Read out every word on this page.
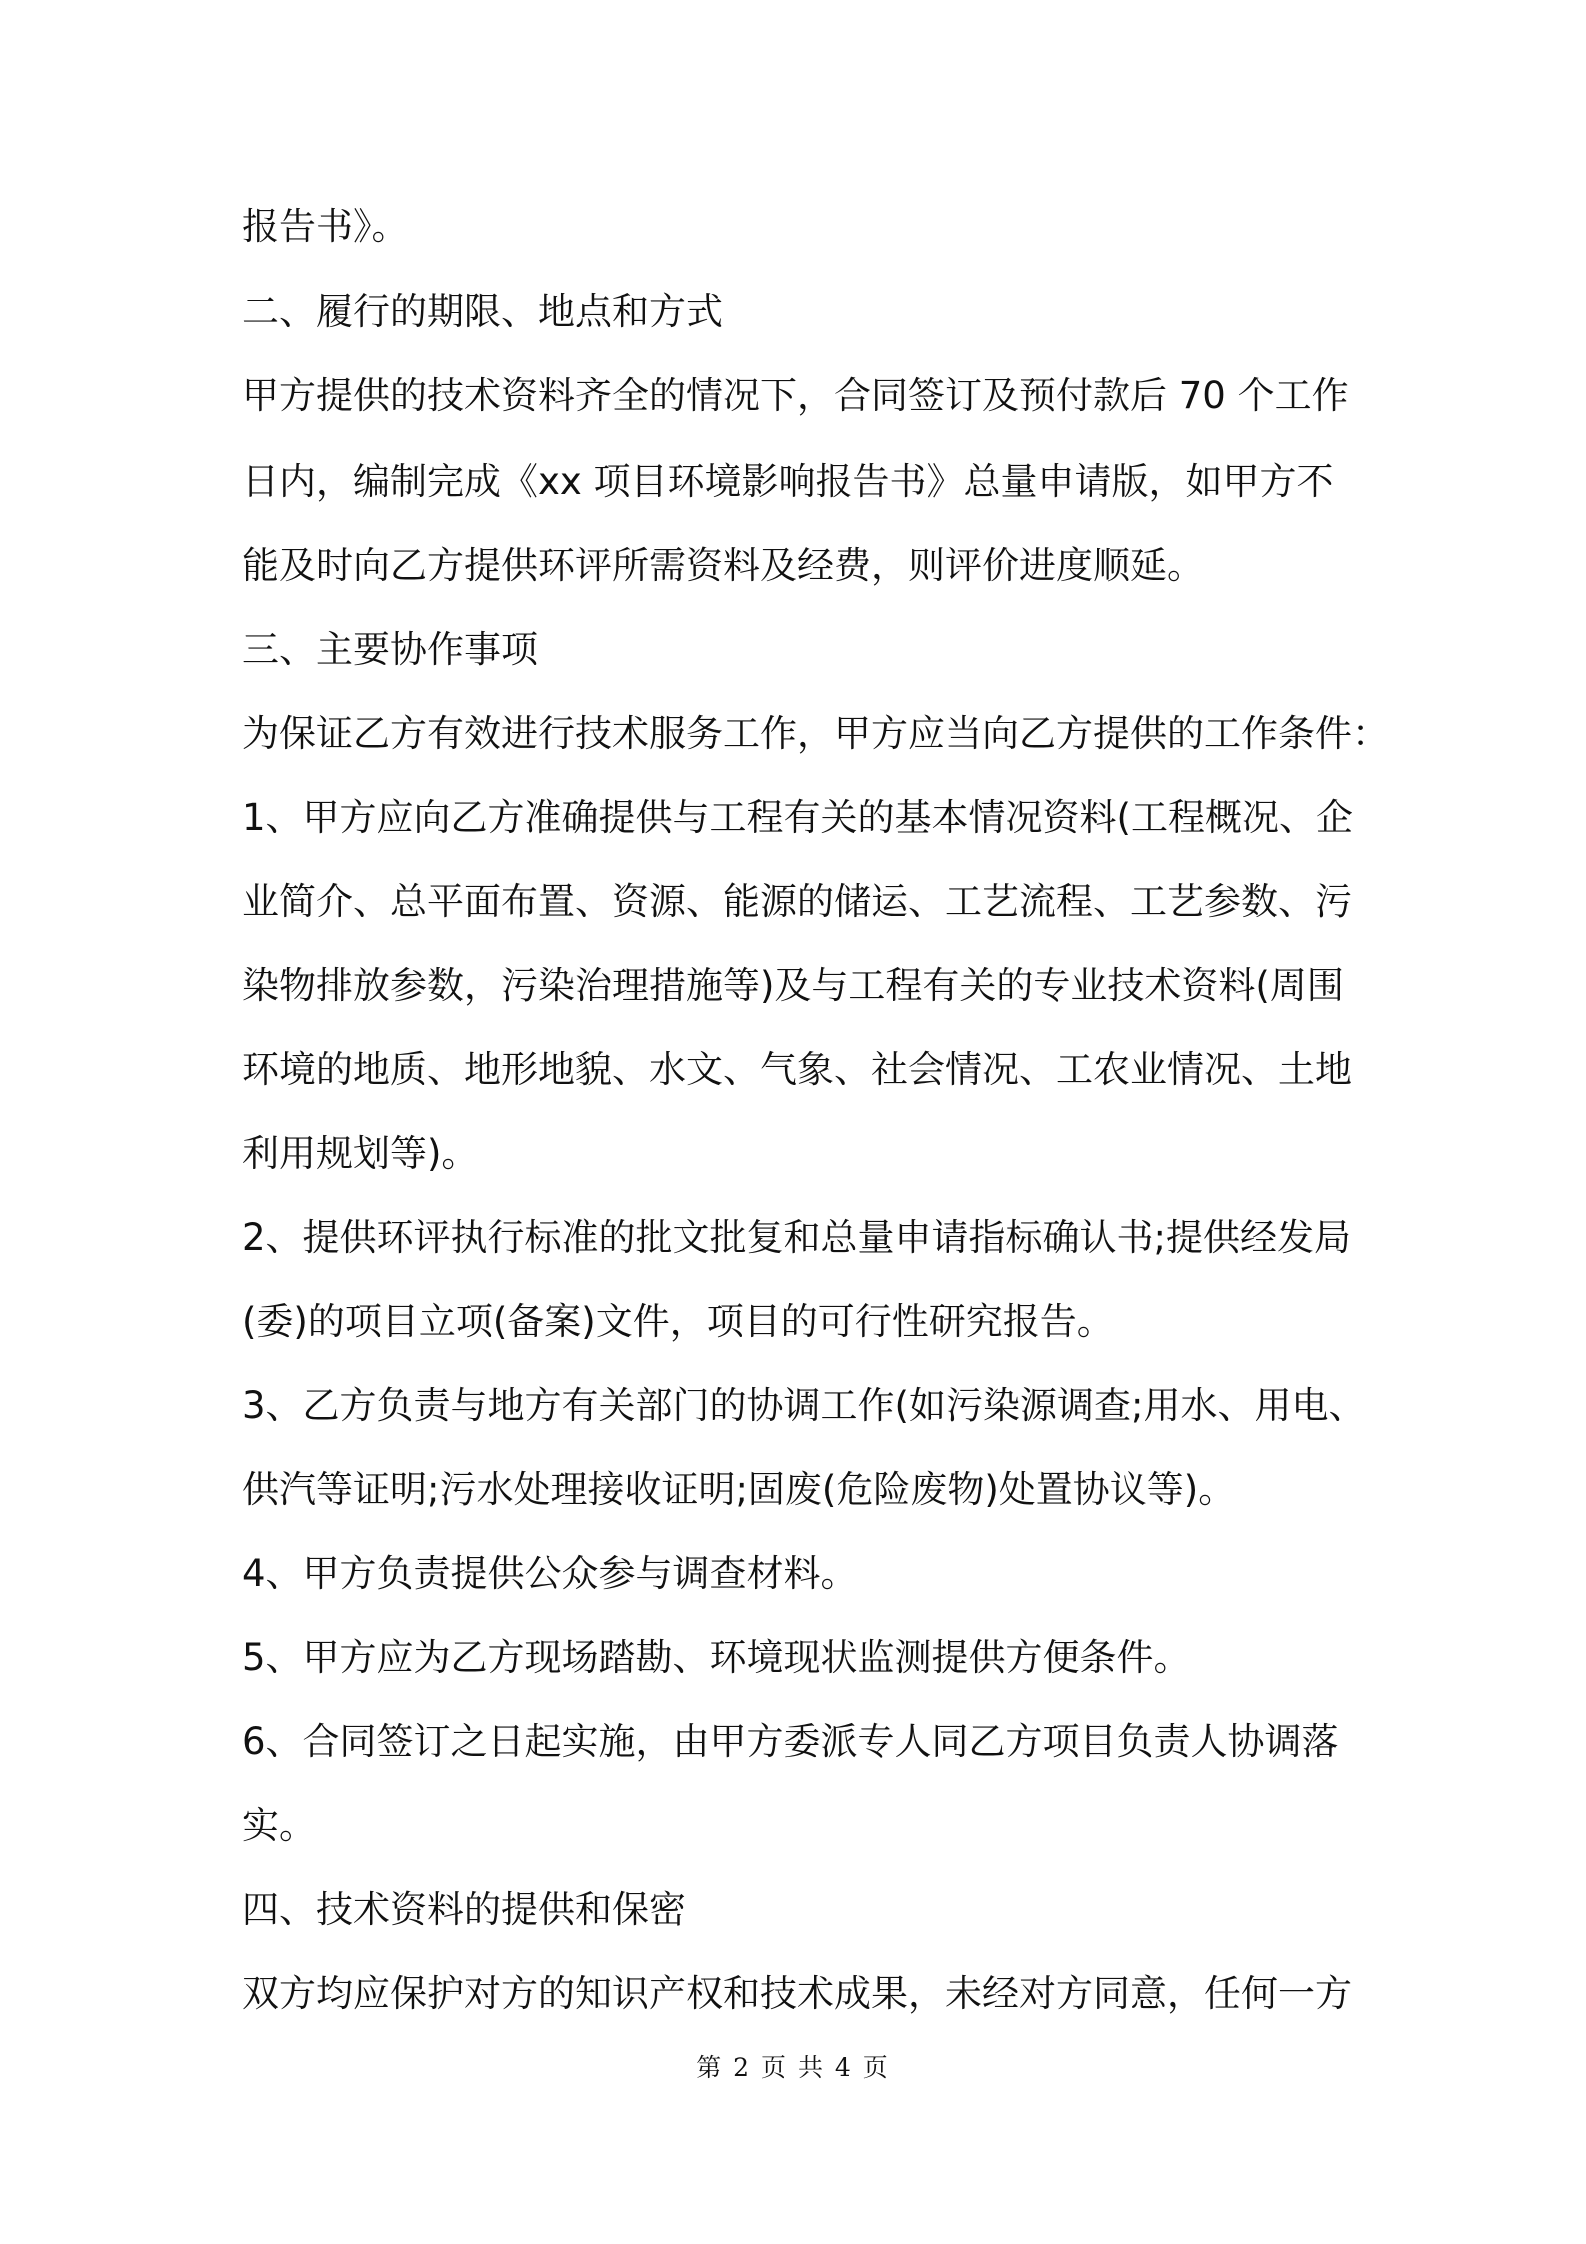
报告书》。
二、履行的期限、地点和方式
甲方提供的技术资料齐全的情况下，合同签订及预付款后 70 个工作
日内，编制完成《xx 项目环境影响报告书》总量申请版，如甲方不
能及时向乙方提供环评所需资料及经费，则评价进度顺延。
三、主要协作事项
为保证乙方有效进行技术服务工作，甲方应当向乙方提供的工作条件：
1、甲方应向乙方准确提供与工程有关的基本情况资料(工程概况、企
业简介、总平面布置、资源、能源的储运、工艺流程、工艺参数、污
染物排放参数，污染治理措施等)及与工程有关的专业技术资料(周围
环境的地质、地形地貌、水文、气象、社会情况、工农业情况、土地
利用规划等)。
2、提供环评执行标准的批文批复和总量申请指标确认书;提供经发局
(委)的项目立项(备案)文件，项目的可行性研究报告。
3、乙方负责与地方有关部门的协调工作(如污染源调查;用水、用电、
供汽等证明;污水处理接收证明;固废(危险废物)处置协议等)。
4、甲方负责提供公众参与调查材料。
5、甲方应为乙方现场踏勘、环境现状监测提供方便条件。
6、合同签订之日起实施，由甲方委派专人同乙方项目负责人协调落
实。
四、技术资料的提供和保密
双方均应保护对方的知识产权和技术成果，未经对方同意，任何一方
第 2 页 共 4 页
